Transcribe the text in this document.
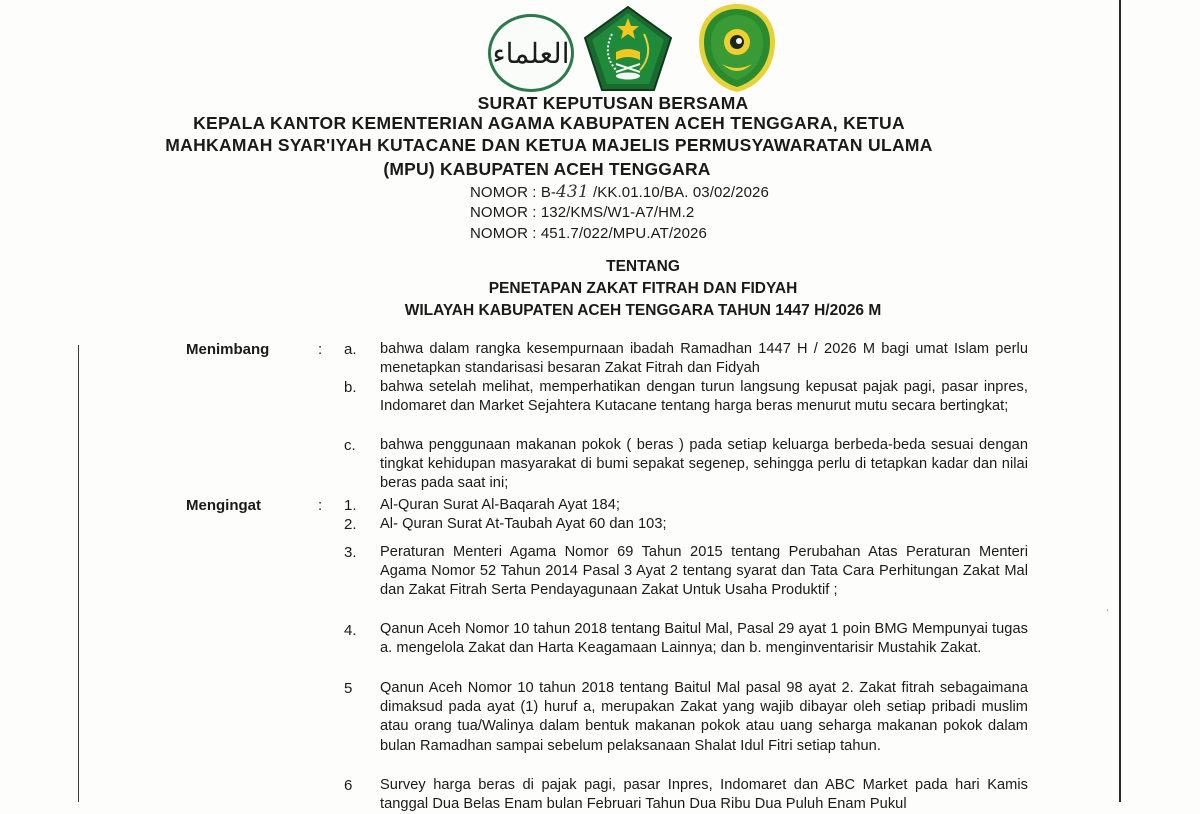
ˌ
العلماء
SURAT KEPUTUSAN BERSAMA
KEPALA KANTOR KEMENTERIAN AGAMA KABUPATEN ACEH TENGGARA, KETUA
MAHKAMAH SYAR'IYAH KUTACANE DAN KETUA MAJELIS PERMUSYAWARATAN ULAMA
(MPU) KABUPATEN ACEH TENGGARA
NOMOR : B-431 /KK.01.10/BA. 03/02/2026
NOMOR : 132/KMS/W1-A7/HM.2
NOMOR : 451.7/022/MPU.AT/2026
TENTANG
PENETAPAN ZAKAT FITRAH DAN FIDYAH
WILAYAH KABUPATEN ACEH TENGGARA TAHUN 1447 H/2026 M
Menimbang	: a. bahwa dalam rangka kesempurnaan ibadah Ramadhan 1447 H / 2026 M bagi umat Islam perlu menetapkan standarisasi besaran Zakat Fitrah dan Fidyah
b. bahwa setelah melihat, memperhatikan dengan turun langsung kepusat pajak pagi, pasar inpres, Indomaret dan Market Sejahtera Kutacane tentang harga beras menurut mutu secara bertingkat;
c. bahwa penggunaan makanan pokok ( beras ) pada setiap keluarga berbeda-beda sesuai dengan tingkat kehidupan masyarakat di bumi sepakat segenep, sehingga perlu di tetapkan kadar dan nilai beras pada saat ini;
Mengingat	: 1. Al-Quran Surat Al-Baqarah Ayat 184;
2. Al- Quran Surat At-Taubah Ayat 60 dan 103;
3. Peraturan Menteri Agama Nomor 69 Tahun 2015 tentang Perubahan Atas Peraturan Menteri Agama Nomor 52 Tahun 2014 Pasal 3 Ayat 2 tentang syarat dan Tata Cara Perhitungan Zakat Mal dan Zakat Fitrah Serta Pendayagunaan Zakat Untuk Usaha Produktif ;
4. Qanun Aceh Nomor 10 tahun 2018 tentang Baitul Mal, Pasal 29 ayat 1 poin BMG Mempunyai tugas a. mengelola Zakat dan Harta Keagamaan Lainnya; dan b. menginventarisir Mustahik Zakat.
5 Qanun Aceh Nomor 10 tahun 2018 tentang Baitul Mal pasal 98 ayat 2. Zakat fitrah sebagaimana dimaksud pada ayat (1) huruf a, merupakan Zakat yang wajib dibayar oleh setiap pribadi muslim atau orang tua/Walinya dalam bentuk makanan pokok atau uang seharga makanan pokok dalam bulan Ramadhan sampai sebelum pelaksanaan Shalat Idul Fitri setiap tahun.
6 Survey harga beras di pajak pagi, pasar Inpres, Indomaret dan ABC Market pada hari Kamis tanggal Dua Belas Enam bulan Februari Tahun Dua Ribu Dua Puluh Enam Pukul
